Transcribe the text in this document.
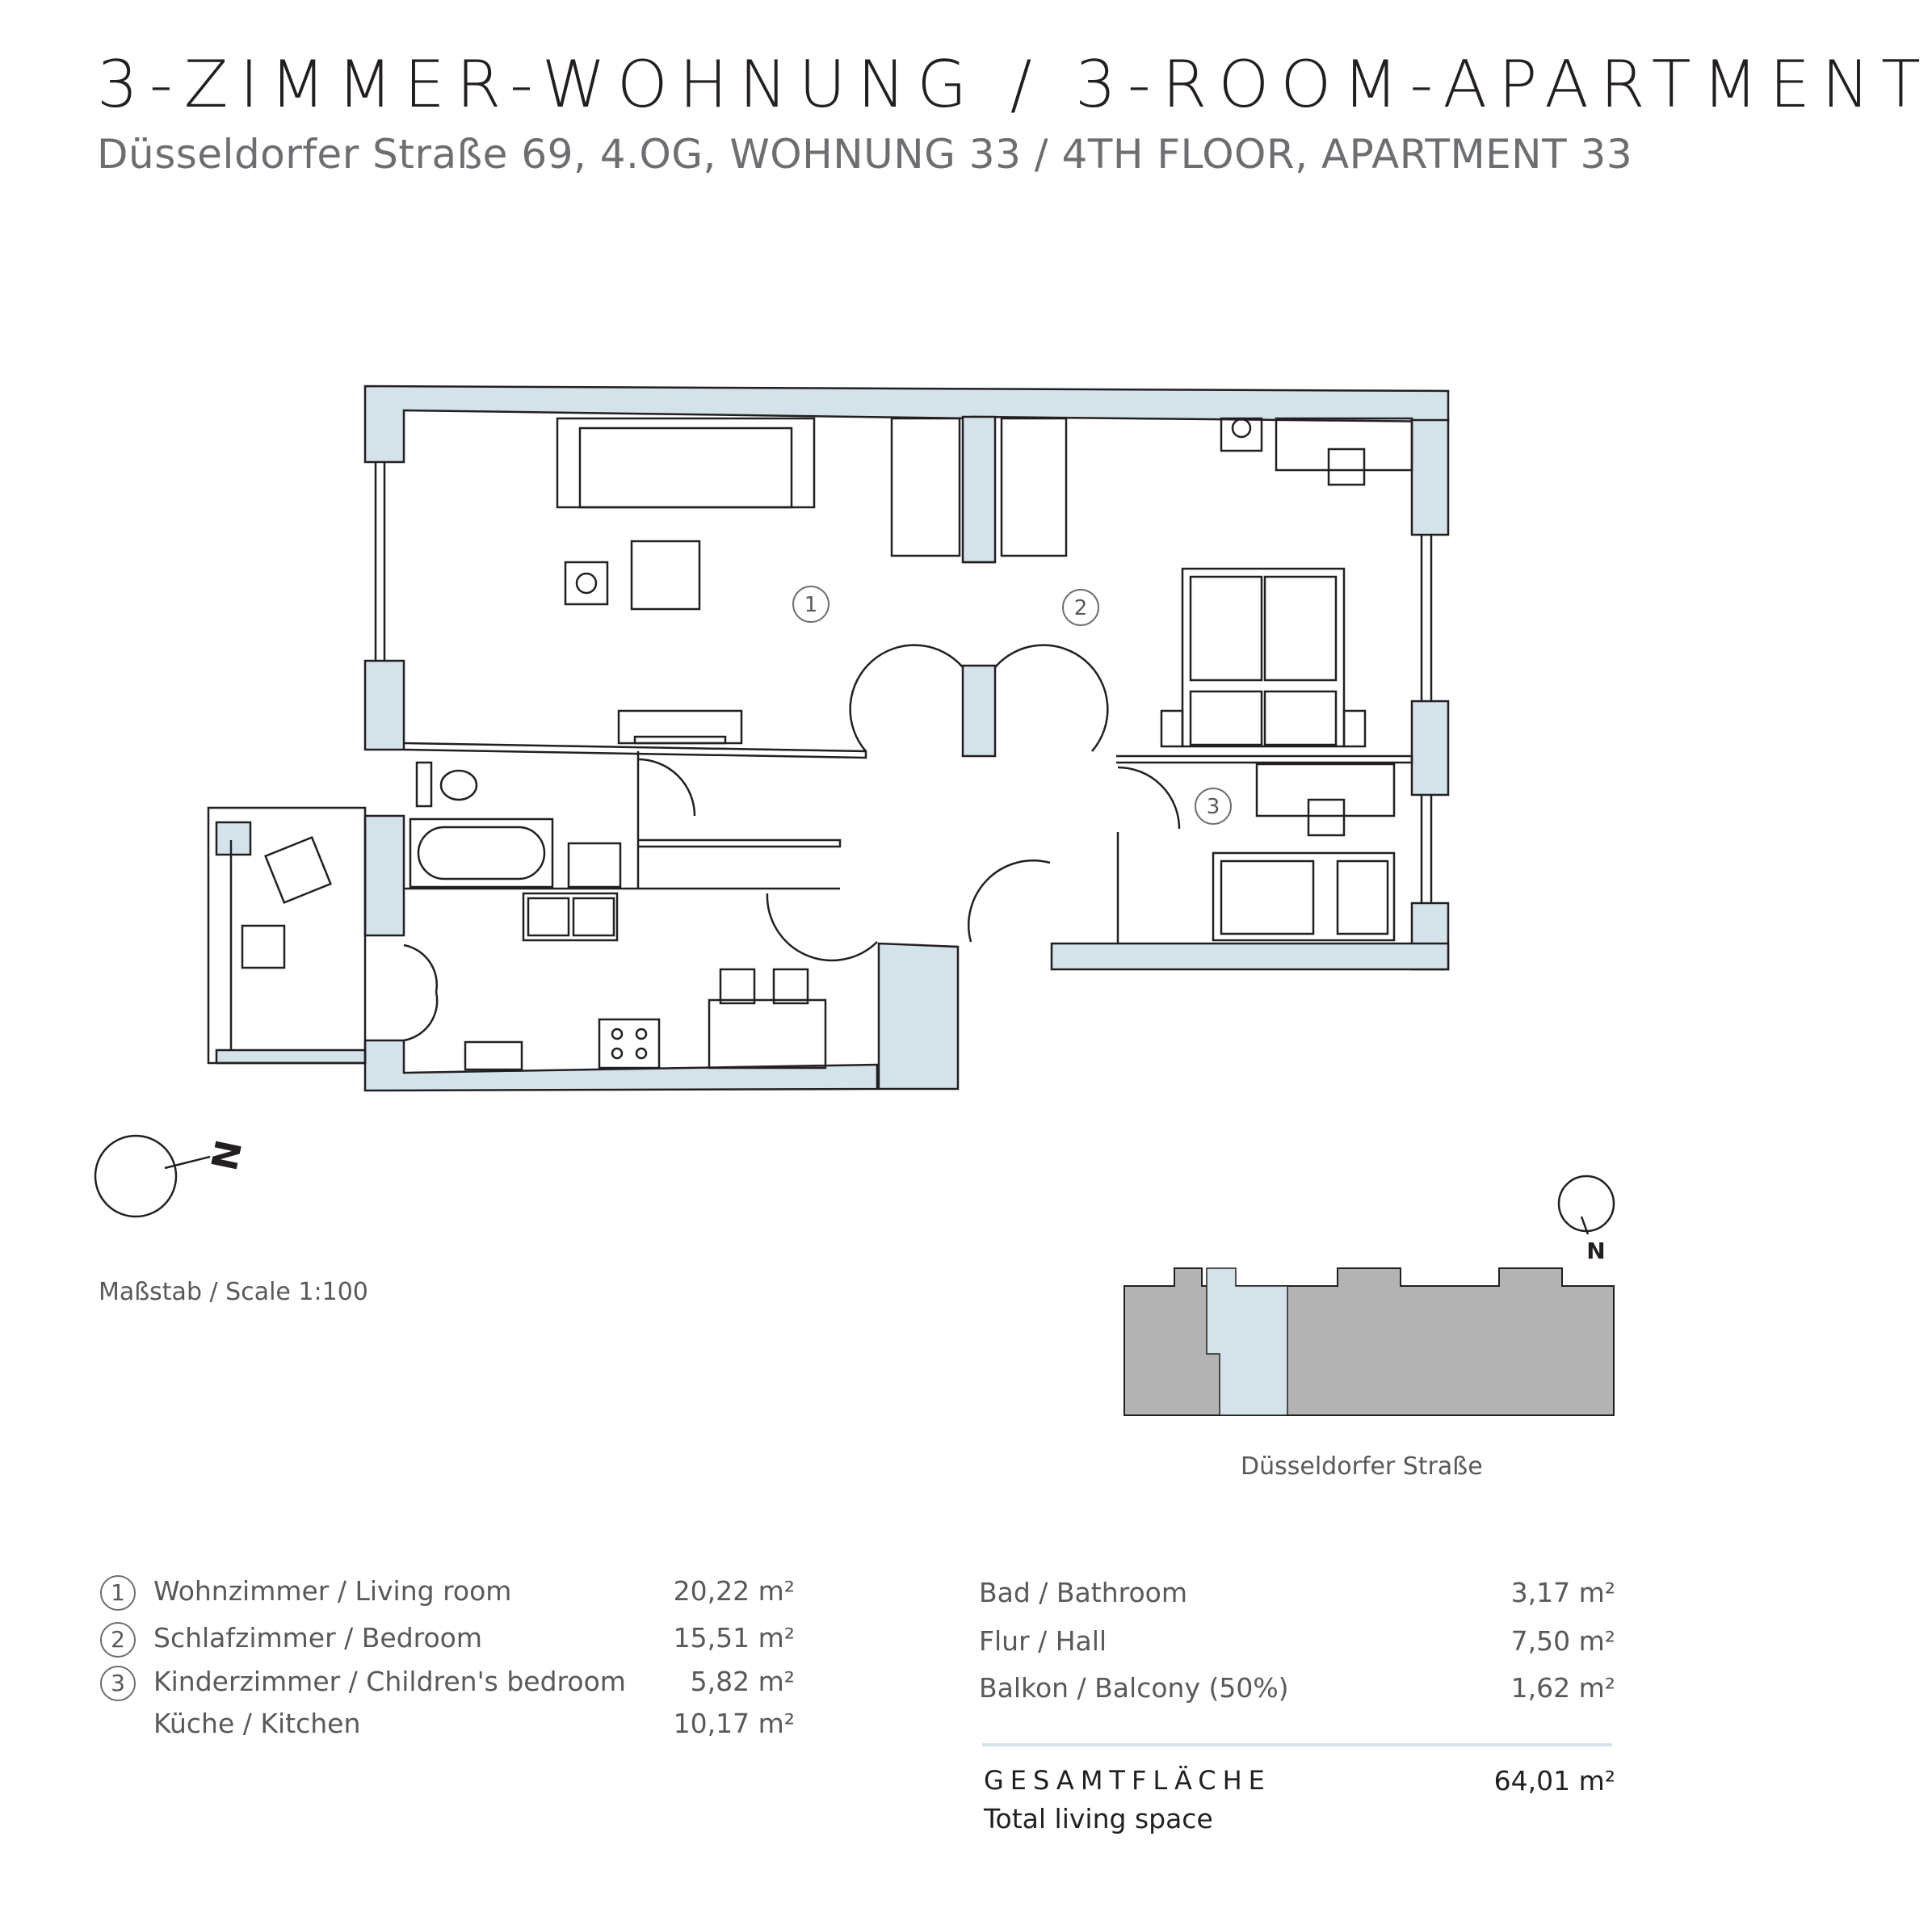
3-ZIMMER-WOHNUNG / 3-ROOM-APARTMENT
Düsseldorfer Straße 69, 4.OG, WOHNUNG 33 / 4TH FLOOR, APARTMENT 33
1	2
3
N
N
Maßstab / Scale 1:100
Düsseldorfer Straße
1	Wohnzimmer / Living room	20,22 m²
2	Schlafzimmer / Bedroom	15,51 m²
3	Kinderzimmer / Children's bedroom	5,82 m²
Küche / Kitchen	10,17 m²
Bad / Bathroom	3,17 m²
Flur / Hall	7,50 m²
Balkon / Balcony (50%)	1,62 m²
GESAMTFLÄCHE
Total living space
64,01 m²
